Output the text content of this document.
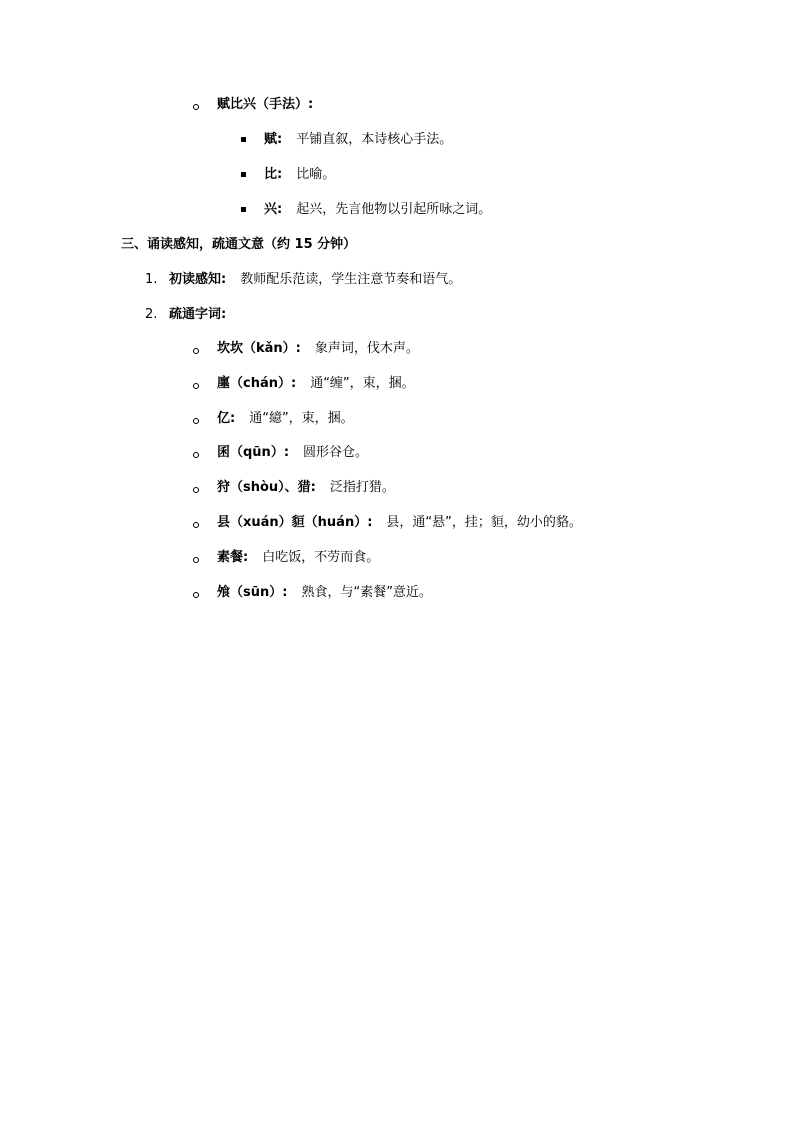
赋比兴（手法）:
赋: 平铺直叙，本诗核心手法。
比: 比喻。
兴: 起兴，先言他物以引起所咏之词。
三、诵读感知，疏通文意（约 15 分钟）
1. 初读感知: 教师配乐范读，学生注意节奏和语气。
2. 疏通字词:
坎坎（kǎn）: 象声词，伐木声。
廛（chán）: 通“缠”，束，捆。
亿: 通“繶”，束，捆。
囷（qūn）: 圆形谷仓。
狩（shòu）、猎: 泛指打猎。
县（xuán）貆（huán）: 县，通“悬”，挂；貆，幼小的貉。
素餐: 白吃饭，不劳而食。
飧（sūn）: 熟食，与“素餐”意近。
